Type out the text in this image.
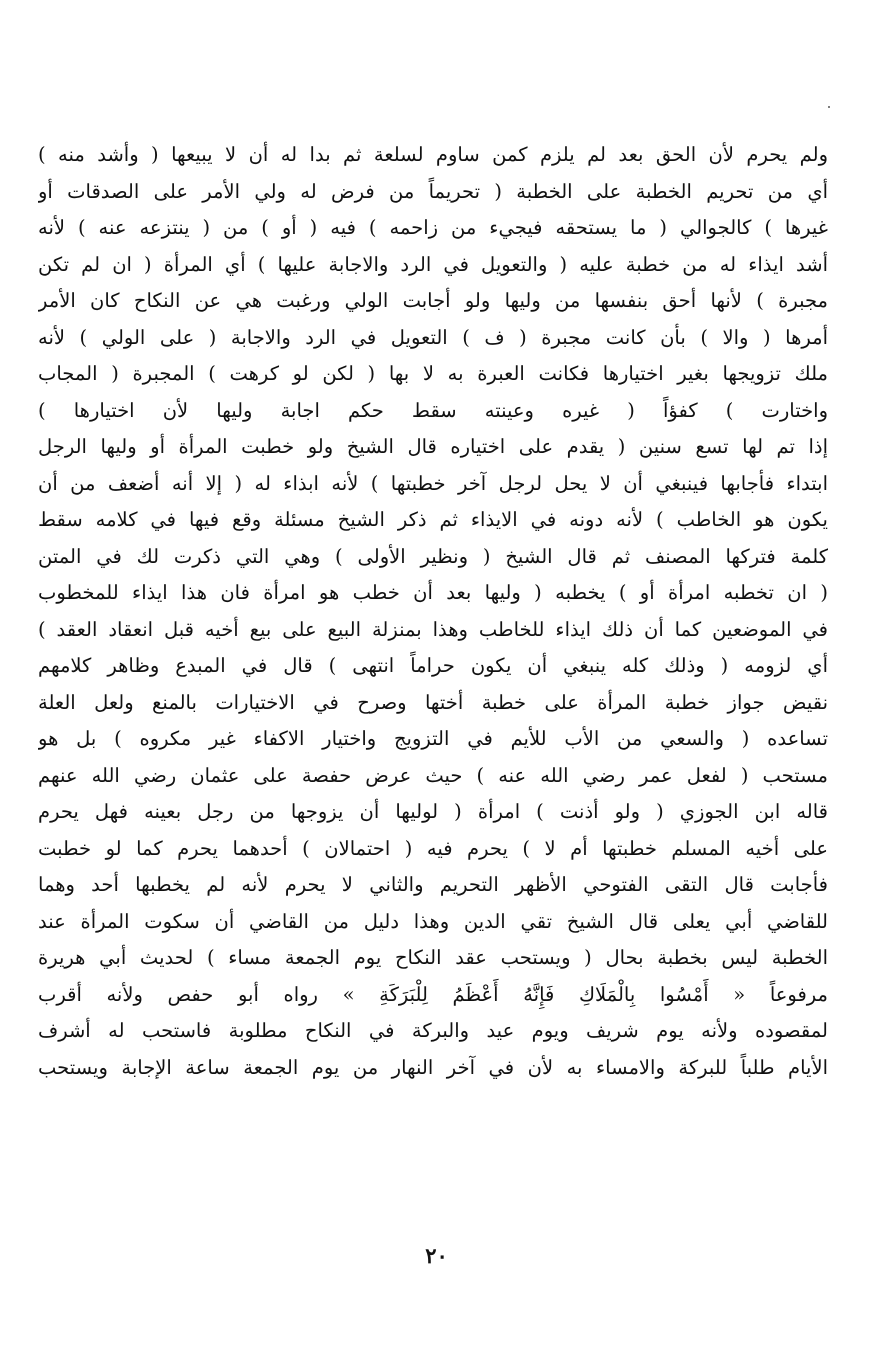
ولم يحرم لأن الحق بعد لم يلزم كمن ساوم لسلعة ثم بدا له أن لا يبيعها ( وأشد منه )
أي من تحريم الخطبة على الخطبة ( تحريماً من فرض له ولي الأمر على الصدقات أو
غيرها ) كالجوالي ( ما يستحقه فيجيء من زاحمه ) فيه ( أو ) من ( ينتزعه عنه ) لأنه
أشد ايذاء له من خطبة عليه ( والتعويل في الرد والاجابة عليها ) أي المرأة ( ان لم تكن
مجبرة ) لأنها أحق بنفسها من وليها ولو أجابت الولي ورغبت هي عن النكاح كان الأمر
أمرها ( والا ) بأن كانت مجبرة ( ف ) التعويل في الرد والاجابة ( على الولي ) لأنه
ملك تزويجها بغير اختيارها فكانت العبرة به لا بها ( لكن لو كرهت ) المجبرة ( المجاب
واختارت ) كفؤاً ( غيره وعينته سقط حكم اجابة وليها لأن اختيارها )
إذا تم لها تسع سنين ( يقدم على اختياره قال الشيخ ولو خطبت المرأة أو وليها الرجل
ابتداء فأجابها فينبغي أن لا يحل لرجل آخر خطبتها ) لأنه ابذاء له ( إلا أنه أضعف من أن
يكون هو الخاطب ) لأنه دونه في الايذاء ثم ذكر الشيخ مسئلة وقع فيها في كلامه سقط
كلمة فتركها المصنف ثم قال الشيخ ( ونظير الأولى ) وهي التي ذكرت لك في المتن
( ان تخطبه امرأة أو ) يخطبه ( وليها بعد أن خطب هو امرأة فان هذا ايذاء للمخطوب
في الموضعين كما أن ذلك ايذاء للخاطب وهذا بمنزلة البيع على بيع أخيه قبل انعقاد العقد )
أي لزومه ( وذلك كله ينبغي أن يكون حراماً انتهى ) قال في المبدع وظاهر كلامهم
نقيض جواز خطبة المرأة على خطبة أختها وصرح في الاختيارات بالمنع ولعل العلة
تساعده ( والسعي من الأب للأيم في التزويج واختيار الاكفاء غير مكروه ) بل هو
مستحب ( لفعل عمر رضي الله عنه ) حيث عرض حفصة على عثمان رضي الله عنهم
قاله ابن الجوزي ( ولو أذنت ) امرأة ( لوليها أن يزوجها من رجل بعينه فهل يحرم
على أخيه المسلم خطبتها أم لا ) يحرم فيه ( احتمالان ) أحدهما يحرم كما لو خطبت
فأجابت قال التقى الفتوحي الأظهر التحريم والثاني لا يحرم لأنه لم يخطبها أحد وهما
للقاضي أبي يعلى قال الشيخ تقي الدين وهذا دليل من القاضي أن سكوت المرأة عند
الخطبة ليس بخطبة بحال ( ويستحب عقد النكاح يوم الجمعة مساء ) لحديث أبي هريرة
مرفوعاً « أَمْسُوا بِالْمَلَاكِ فَإِنَّهُ أَعْظَمُ لِلْبَرَكَةِ » رواه أبو حفص ولأنه أقرب
لمقصوده ولأنه يوم شريف ويوم عيد والبركة في النكاح مطلوبة فاستحب له أشرف
الأيام طلباً للبركة والامساء به لأن في آخر النهار من يوم الجمعة ساعة الإجابة ويستحب
٢٠
